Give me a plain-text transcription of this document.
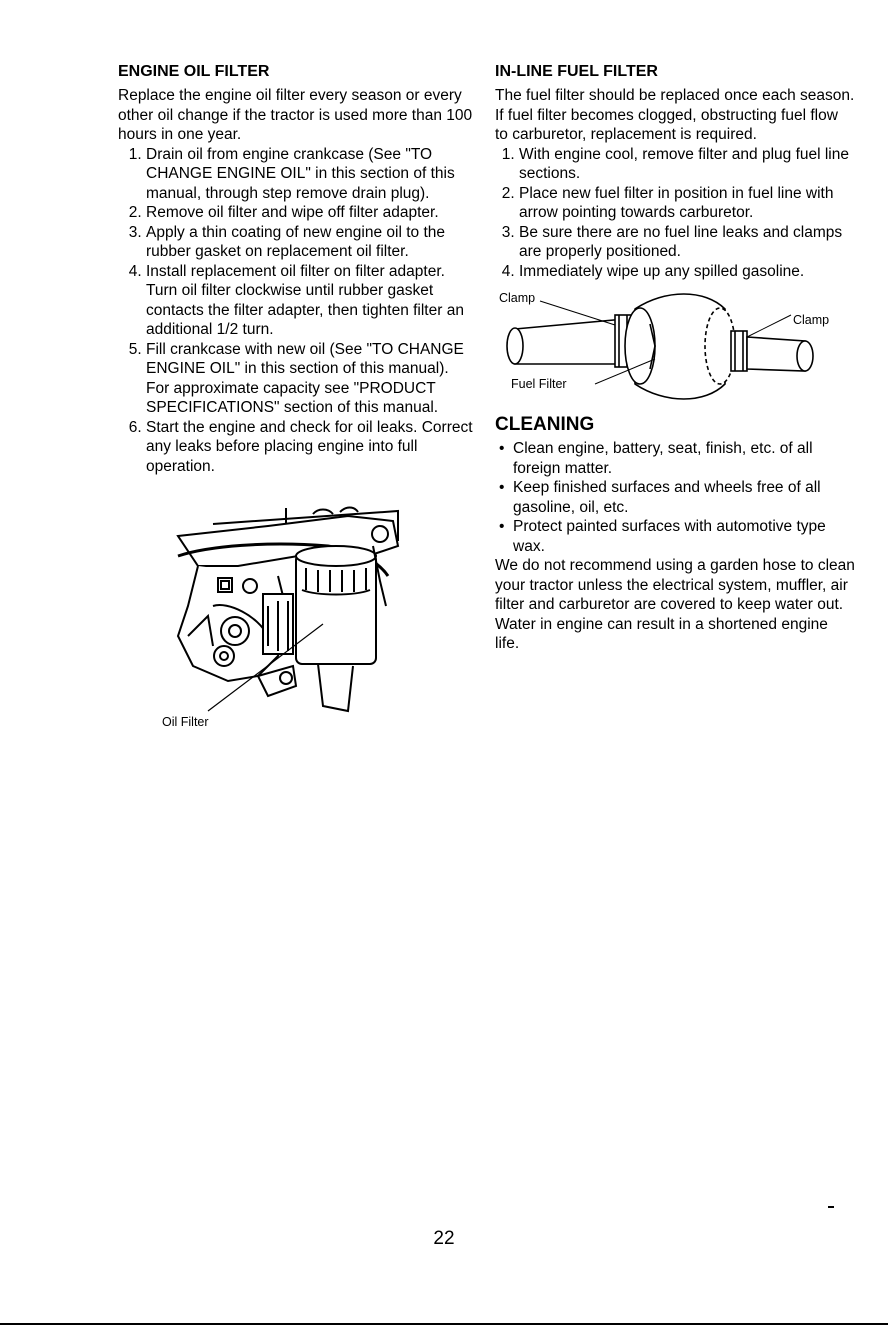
ENGINE OIL FILTER

Replace the engine oil filter every season or every other oil change if the tractor is used more than 100 hours in one year.

1. Drain oil from engine crankcase (See "TO CHANGE ENGINE OIL" in this section of this manual, through step remove drain plug).
2. Remove oil filter and wipe off filter adapter.
3. Apply a thin coating of new engine oil to the rubber gasket on replacement oil filter.
4. Install replacement oil filter on filter adapter. Turn oil filter clockwise until rubber gasket contacts the filter adapter, then tighten filter an additional 1/2 turn.
5. Fill crankcase with new oil (See "TO CHANGE ENGINE OIL" in this section of this manual). For approximate capacity see "PRODUCT SPECIFICATIONS" section of this manual.
6. Start the engine and check for oil leaks. Correct any leaks before placing engine into full operation.
Oil Filter
IN-LINE FUEL FILTER

The fuel filter should be replaced once each season. If fuel filter becomes clogged, obstructing fuel flow to carburetor, replacement is required.

1. With engine cool, remove filter and plug fuel line sections.
2. Place new fuel filter in position in fuel line with arrow pointing towards carburetor.
3. Be sure there are no fuel line leaks and clamps are properly positioned.
4. Immediately wipe up any spilled gasoline.
Clamp
Clamp
Fuel Filter
CLEANING
• Clean engine, battery, seat, finish, etc. of all foreign matter.
• Keep finished surfaces and wheels free of all gasoline, oil, etc.
• Protect painted surfaces with automotive type wax.

We do not recommend using a garden hose to clean your tractor unless the electrical system, muffler, air filter and carburetor are covered to keep water out. Water in engine can result in a shortened engine life.

22
